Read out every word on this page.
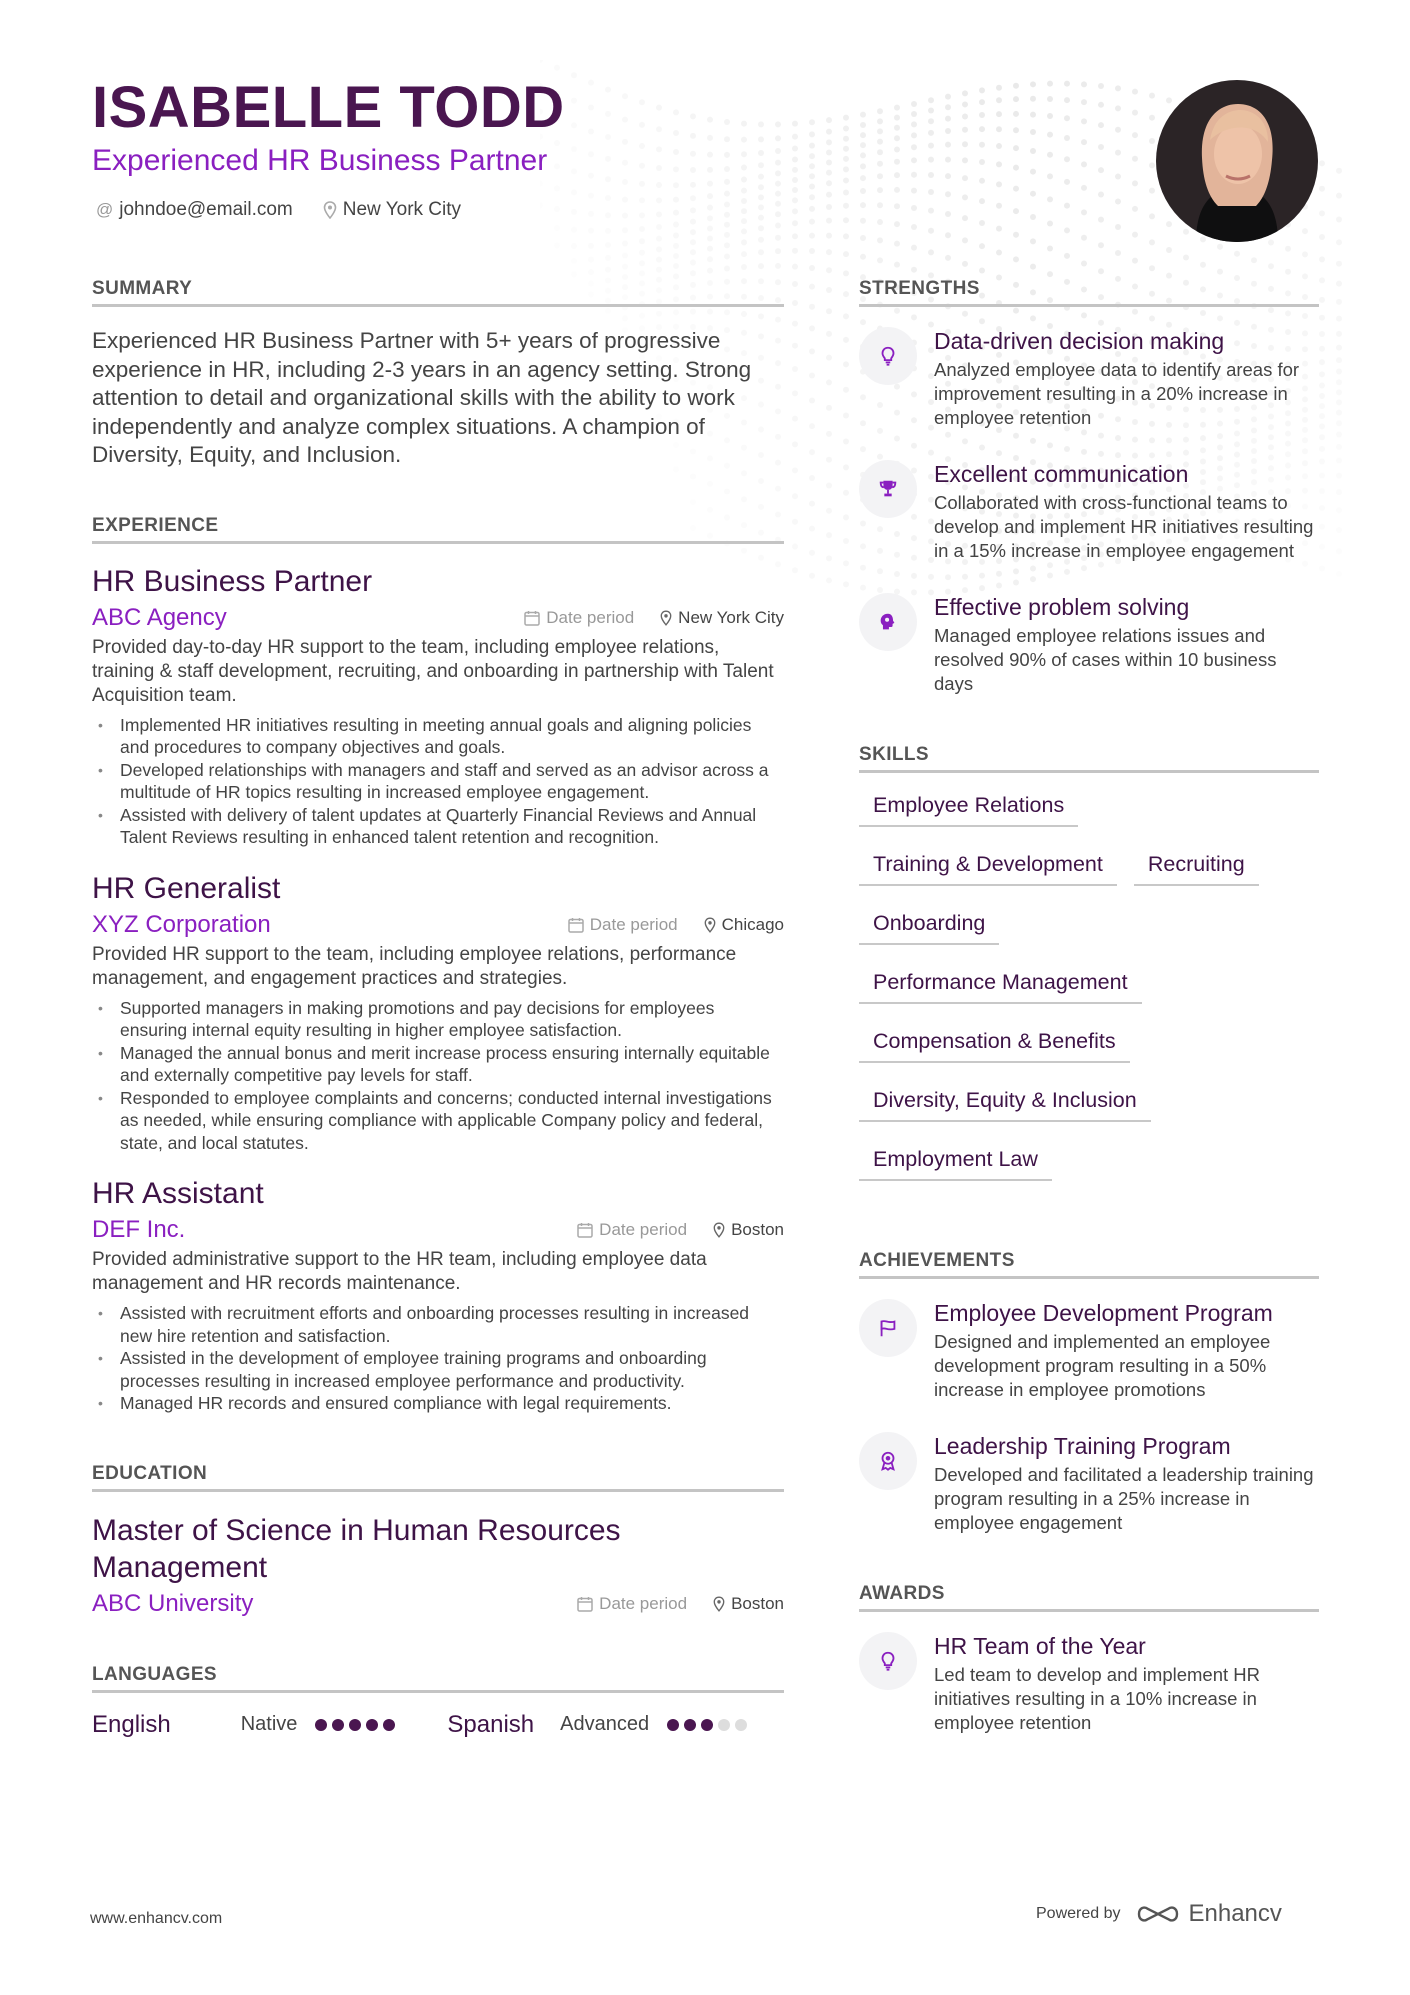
ISABELLE TODD
Experienced HR Business Partner
@ johndoe@email.com	New York City
SUMMARY
Experienced HR Business Partner with 5+ years of progressive experience in HR, including 2-3 years in an agency setting. Strong attention to detail and organizational skills with the ability to work independently and analyze complex situations. A champion of Diversity, Equity, and Inclusion.
EXPERIENCE
HR Business Partner
ABC Agency	Date period	New York City
Provided day-to-day HR support to the team, including employee relations, training & staff development, recruiting, and onboarding in partnership with Talent Acquisition team.
• Implemented HR initiatives resulting in meeting annual goals and aligning policies and procedures to company objectives and goals.
• Developed relationships with managers and staff and served as an advisor across a multitude of HR topics resulting in increased employee engagement.
• Assisted with delivery of talent updates at Quarterly Financial Reviews and Annual Talent Reviews resulting in enhanced talent retention and recognition.
HR Generalist
XYZ Corporation	Date period	Chicago
Provided HR support to the team, including employee relations, performance management, and engagement practices and strategies.
• Supported managers in making promotions and pay decisions for employees ensuring internal equity resulting in higher employee satisfaction.
• Managed the annual bonus and merit increase process ensuring internally equitable and externally competitive pay levels for staff.
• Responded to employee complaints and concerns; conducted internal investigations as needed, while ensuring compliance with applicable Company policy and federal, state, and local statutes.
HR Assistant
DEF Inc.	Date period	Boston
Provided administrative support to the HR team, including employee data management and HR records maintenance.
• Assisted with recruitment efforts and onboarding processes resulting in increased new hire retention and satisfaction.
• Assisted in the development of employee training programs and onboarding processes resulting in increased employee performance and productivity.
• Managed HR records and ensured compliance with legal requirements.
EDUCATION
Master of Science in Human Resources Management
ABC University	Date period	Boston
LANGUAGES
English	Native	Spanish Advanced
STRENGTHS
Data-driven decision making
Analyzed employee data to identify areas for improvement resulting in a 20% increase in employee retention
Excellent communication
Collaborated with cross-functional teams to develop and implement HR initiatives resulting in a 15% increase in employee engagement
Effective problem solving
Managed employee relations issues and resolved 90% of cases within 10 business days
SKILLS
Employee Relations
Training & Development	Recruiting
Onboarding
Performance Management
Compensation & Benefits
Diversity, Equity & Inclusion
Employment Law
ACHIEVEMENTS
Employee Development Program
Designed and implemented an employee development program resulting in a 50% increase in employee promotions
Leadership Training Program
Developed and facilitated a leadership training program resulting in a 25% increase in employee engagement
AWARDS
HR Team of the Year
Led team to develop and implement HR initiatives resulting in a 10% increase in employee retention
www.enhancv.com	Powered by	Enhancv
